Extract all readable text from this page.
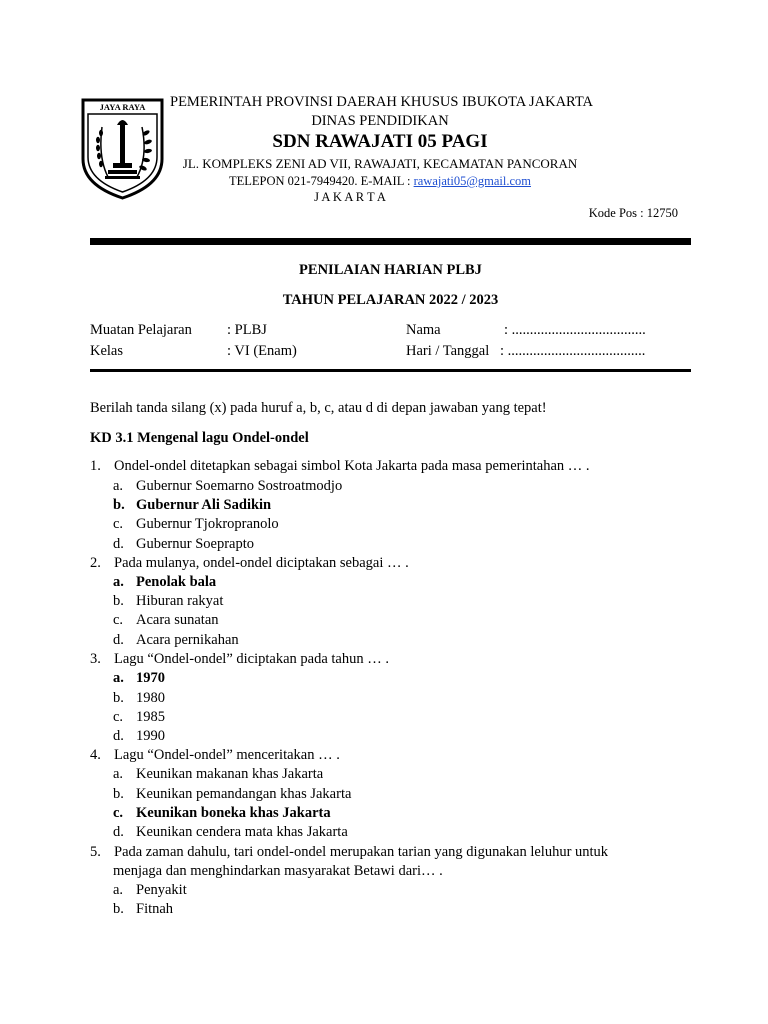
JAYA RAYA PEMERINTAH PROVINSI DAERAH KHUSUS IBUKOTA JAKARTA
DINAS PENDIDIKAN
SDN RAWAJATI 05 PAGI
JL. KOMPLEKS ZENI AD VII, RAWAJATI, KECAMATAN PANCORAN
TELEPON 021-7949420. E-MAIL : rawajati05@gmail.com
J A K A R T A
Kode Pos : 12750
PENILAIAN HARIAN PLBJ
TAHUN PELAJARAN 2022 / 2023
Muatan Pelajaran : PLBJ	Nama	: .....................................
Kelas	: VI (Enam)	Hari / Tanggal : ......................................
Berilah tanda silang (x) pada huruf a, b, c, atau d di depan jawaban yang tepat!
KD 3.1 Mengenal lagu Ondel-ondel
1. Ondel-ondel ditetapkan sebagai simbol Kota Jakarta pada masa pemerintahan … .
a. Gubernur Soemarno Sostroatmodjo
b. Gubernur Ali Sadikin
c. Gubernur Tjokropranolo
d. Gubernur Soeprapto
2. Pada mulanya, ondel-ondel diciptakan sebagai … .
a. Penolak bala
b. Hiburan rakyat
c. Acara sunatan
d. Acara pernikahan
3. Lagu “Ondel-ondel” diciptakan pada tahun … .
a. 1970
b. 1980
c. 1985
d. 1990
4. Lagu “Ondel-ondel” menceritakan … .
a. Keunikan makanan khas Jakarta
b. Keunikan pemandangan khas Jakarta
c. Keunikan boneka khas Jakarta
d. Keunikan cendera mata khas Jakarta
5. Pada zaman dahulu, tari ondel-ondel merupakan tarian yang digunakan leluhur untuk
menjaga dan menghindarkan masyarakat Betawi dari… .
a. Penyakit
b. Fitnah
